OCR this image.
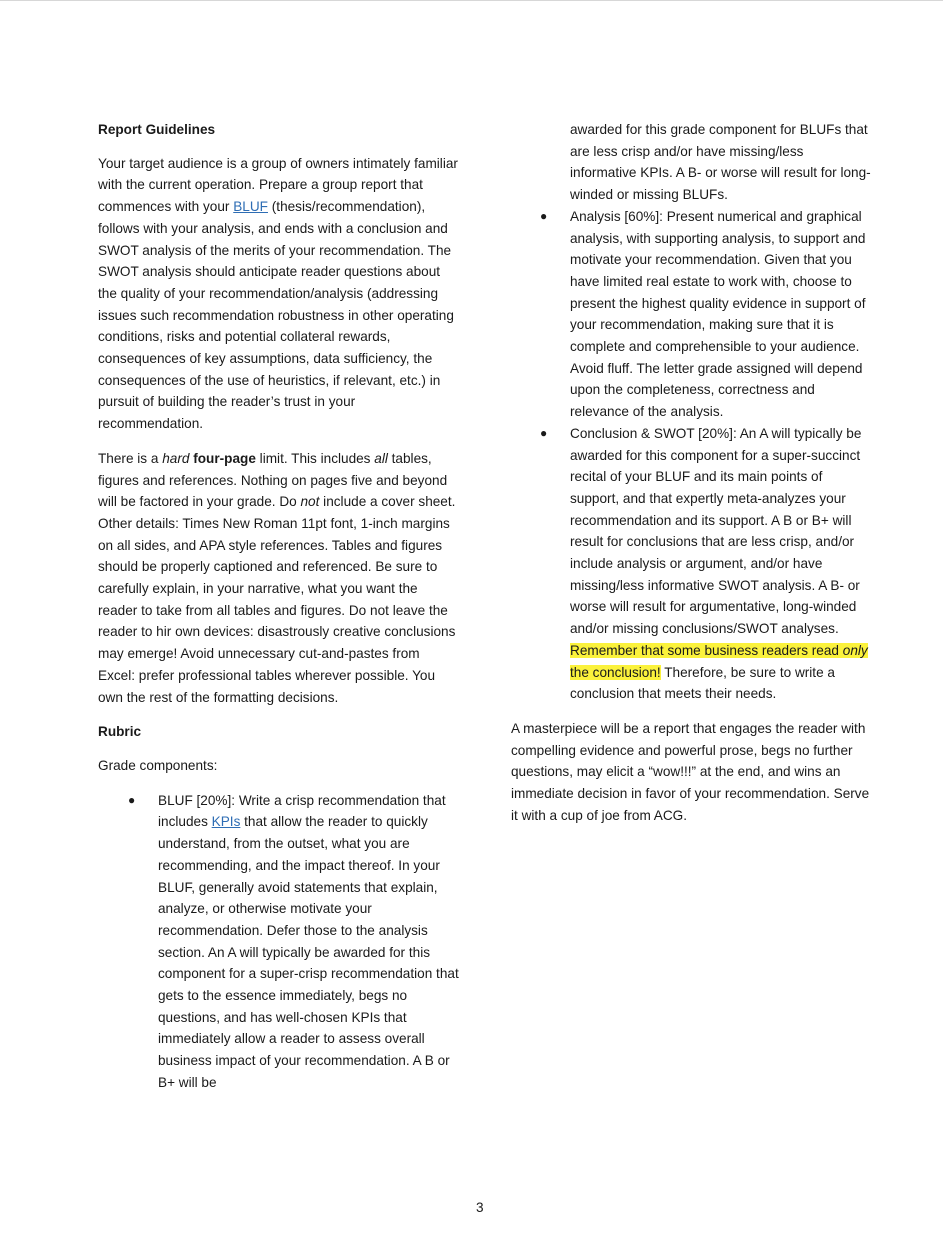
Report Guidelines

Your target audience is a group of owners intimately familiar with the current operation. Prepare a group report that commences with your BLUF (thesis/recommendation), follows with your analysis, and ends with a conclusion and SWOT analysis of the merits of your recommendation. The SWOT analysis should anticipate reader questions about the quality of your recommendation/analysis (addressing issues such recommendation robustness in other operating conditions, risks and potential collateral rewards, consequences of key assumptions, data sufficiency, the consequences of the use of heuristics, if relevant, etc.) in pursuit of building the reader’s trust in your recommendation.

There is a hard four-page limit. This includes all tables, figures and references. Nothing on pages five and beyond will be factored in your grade. Do not include a cover sheet. Other details: Times New Roman 11pt font, 1-inch margins on all sides, and APA style references. Tables and figures should be properly captioned and referenced. Be sure to carefully explain, in your narrative, what you want the reader to take from all tables and figures. Do not leave the reader to hir own devices: disastrously creative conclusions may emerge! Avoid unnecessary cut-and-pastes from Excel: prefer professional tables wherever possible. You own the rest of the formatting decisions.

Rubric

Grade components:

● BLUF [20%]: Write a crisp recommendation that includes KPIs that allow the reader to quickly understand, from the outset, what you are recommending, and the impact thereof. In your BLUF, generally avoid statements that explain, analyze, or otherwise motivate your recommendation. Defer those to the analysis section. An A will typically be awarded for this component for a super-crisp recommendation that gets to the essence immediately, begs no questions, and has well-chosen KPIs that immediately allow a reader to assess overall business impact of your recommendation. A B or B+ will be
awarded for this grade component for BLUFs that are less crisp and/or have missing/less informative KPIs. A B- or worse will result for long-winded or missing BLUFs.
● Analysis [60%]: Present numerical and graphical analysis, with supporting analysis, to support and motivate your recommendation. Given that you have limited real estate to work with, choose to present the highest quality evidence in support of your recommendation, making sure that it is complete and comprehensible to your audience. Avoid fluff. The letter grade assigned will depend upon the completeness, correctness and relevance of the analysis.
● Conclusion & SWOT [20%]: An A will typically be awarded for this component for a super-succinct recital of your BLUF and its main points of support, and that expertly meta-analyzes your recommendation and its support. A B or B+ will result for conclusions that are less crisp, and/or include analysis or argument, and/or have missing/less informative SWOT analysis. A B- or worse will result for argumentative, long-winded and/or missing conclusions/SWOT analyses. Remember that some business readers read only the conclusion! Therefore, be sure to write a conclusion that meets their needs.

A masterpiece will be a report that engages the reader with compelling evidence and powerful prose, begs no further questions, may elicit a “wow!!!” at the end, and wins an immediate decision in favor of your recommendation. Serve it with a cup of joe from ACG.

3
